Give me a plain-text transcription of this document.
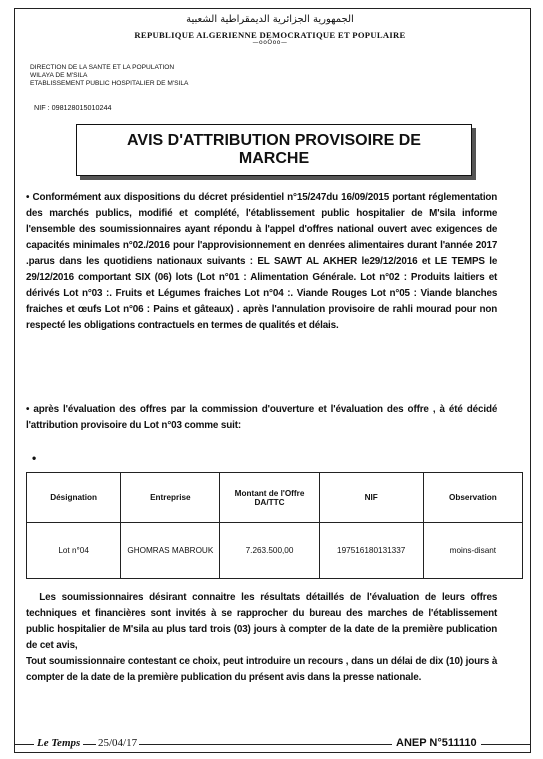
الجمهورية الجزائرية الديمقراطية الشعبية
REPUBLIQUE ALGERIENNE DEMOCRATIQUE ET POPULAIRE
—ooOoo—
DIRECTION DE LA SANTE ET LA POPULATION
WILAYA DE M'SILA
ETABLISSEMENT PUBLIC HOSPITALIER DE M'SILA
NIF : 098128015010244
AVIS D'ATTRIBUTION PROVISOIRE DE
MARCHE
• Conformément aux dispositions du décret présidentiel n°15/247du 16/09/2015 portant réglementation des marchés publics, modifié et complété, l'établissement public hospitalier de M'sila informe l'ensemble des soumissionnaires ayant répondu à l'appel d'offres national ouvert avec exigences de capacités minimales n°02./2016 pour l'approvisionnement en denrées alimentaires durant l'année 2017 .parus dans les quotidiens nationaux suivants : EL SAWT AL AKHER le29/12/2016 et LE TEMPS le 29/12/2016 comportant SIX (06) lots (Lot n°01 : Alimentation Générale. Lot n°02 : Produits laitiers et dérivés Lot n°03 :. Fruits et Légumes fraiches Lot n°04 :. Viande Rouges Lot n°05 : Viande blanches fraiches et œufs Lot n°06 : Pains et gâteaux) . après l'annulation provisoire de rahli mourad pour non respecté les obligations contractuels en termes de qualités et délais.
• après l'évaluation des offres par la commission d'ouverture et l'évaluation des offre , à été décidé l'attribution provisoire du Lot n°03 comme suit:
•
Désignation	Entreprise	Montant de l'Offre DA/TTC	NIF	Observation
Lot n°04	GHOMRAS MABROUK	7.263.500,00	197516180131337	moins-disant
Les soumissionnaires désirant connaitre les résultats détaillés de l'évaluation de leurs offres techniques et financières sont invités à se rapprocher du bureau des marches de l'établissement public hospitalier de M'sila au plus tard trois (03) jours à compter de la date de la première publication de cet avis,
Tout soumissionnaire contestant ce choix, peut introduire un recours , dans un délai de dix (10) jours à compter de la date de la première publication du présent avis dans la presse nationale.
Le Temps 25/04/17	ANEP N°511110
